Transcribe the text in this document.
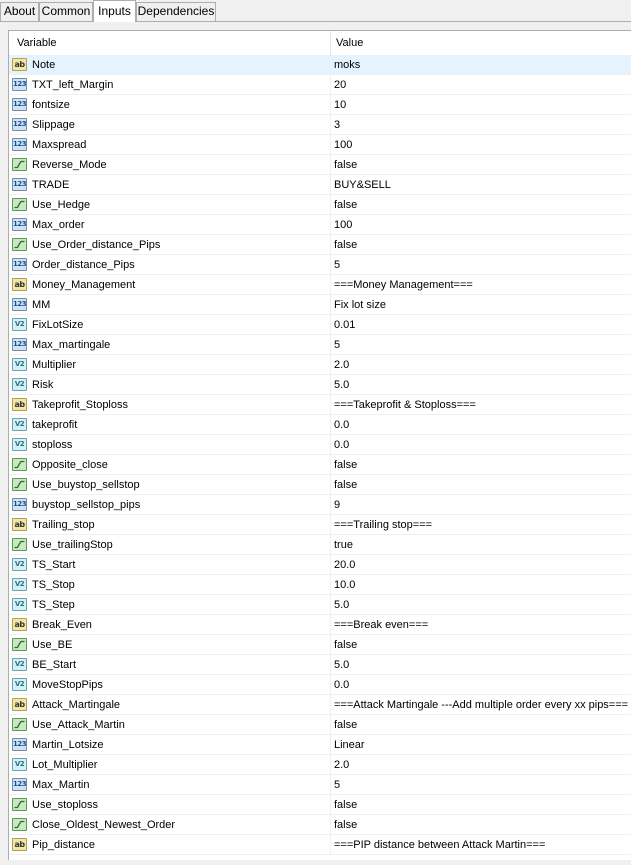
About Common Inputs Dependencies
Variable	Value
ab Note	moks
123 TXT_left_Margin	20
123 fontsize	10
123 Slippage	3
123 Maxspread	100
Reverse_Mode	false
123 TRADE	BUY&SELL
Use_Hedge	false
123 Max_order	100
Use_Order_distance_Pips	false
123 Order_distance_Pips	5
ab Money_Management	===Money Management===
123 MM	Fix lot size
V2 FixLotSize	0.01
123 Max_martingale	5
V2 Multiplier	2.0
V2 Risk	5.0
ab Takeprofit_Stoploss	===Takeprofit & Stoploss===
V2 takeprofit	0.0
V2 stoploss	0.0
Opposite_close	false
Use_buystop_sellstop	false
123 buystop_sellstop_pips	9
ab Trailing_stop	===Trailing stop===
Use_trailingStop	true
V2 TS_Start	20.0
V2 TS_Stop	10.0
V2 TS_Step	5.0
ab Break_Even	===Break even===
Use_BE	false
V2 BE_Start	5.0
V2 MoveStopPips	0.0
ab Attack_Martingale	===Attack Martingale ---Add multiple order every xx pips===
Use_Attack_Martin	false
123 Martin_Lotsize	Linear
V2 Lot_Multiplier	2.0
123 Max_Martin	5
Use_stoploss	false
Close_Oldest_Newest_Order	false
ab Pip_distance	===PIP distance between Attack Martin===
